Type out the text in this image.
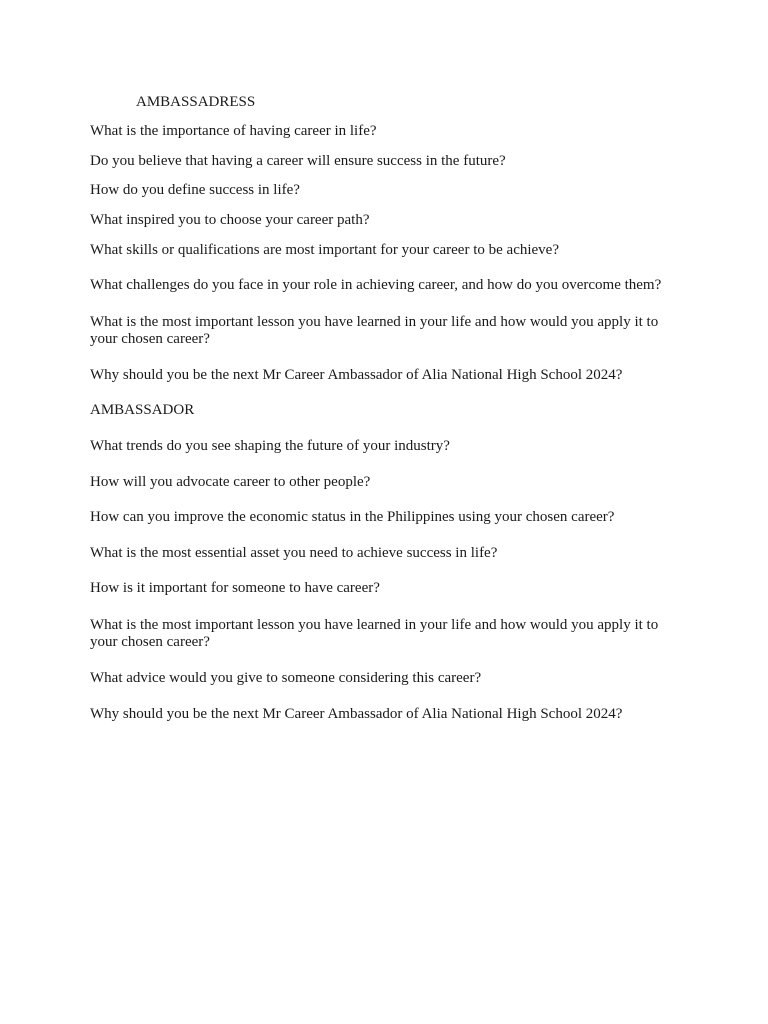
AMBASSADRESS
What is the importance of having career in life?
Do you believe that having a career will ensure success in the future?
How do you define success in life?
What inspired you to choose your career path?
What skills or qualifications are most important for your career to be achieve?
What challenges do you face in your role in achieving career, and how do you overcome them?
What is the most important lesson you have learned in your life and how would you apply it to your chosen career?
Why should you be the next Mr Career Ambassador of Alia National High School 2024?
AMBASSADOR
What trends do you see shaping the future of your industry?
How will you advocate career to other people?
How can you improve the economic status in the Philippines using your chosen career?
What is the most essential asset you need to achieve success in life?
How is it important for someone to have career?
What is the most important lesson you have learned in your life and how would you apply it to your chosen career?
What advice would you give to someone considering this career?
Why should you be the next Mr Career Ambassador of Alia National High School 2024?
